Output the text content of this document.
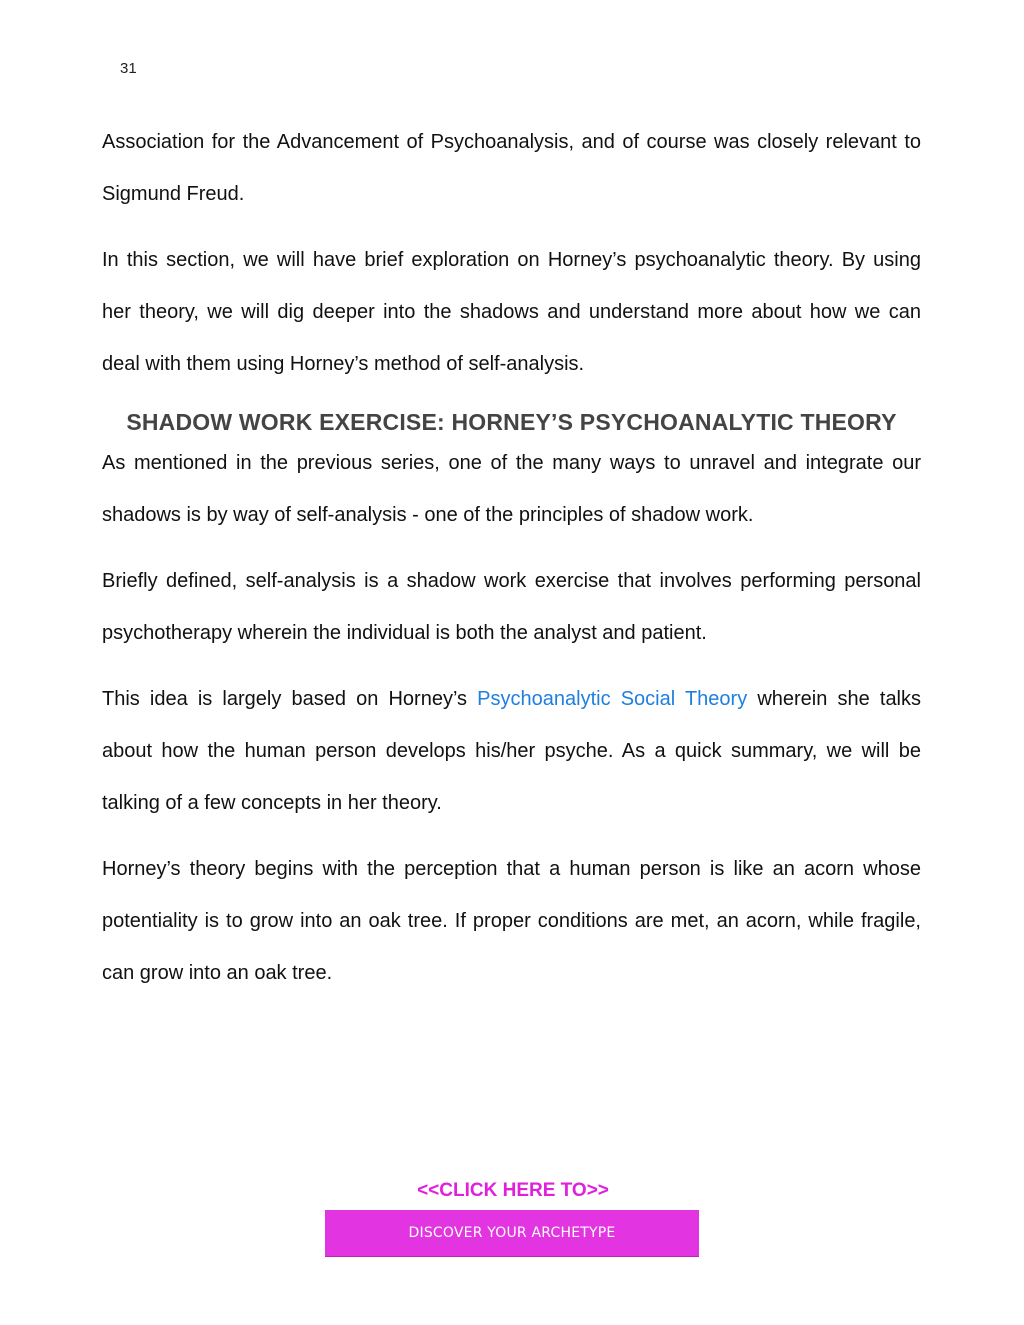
31

Association for the Advancement of Psychoanalysis, and of course was closely relevant to Sigmund Freud.

In this section, we will have brief exploration on Horney’s psychoanalytic theory. By using her theory, we will dig deeper into the shadows and understand more about how we can deal with them using Horney’s method of self-analysis.

SHADOW WORK EXERCISE: HORNEY’S PSYCHOANALYTIC THEORY

As mentioned in the previous series, one of the many ways to unravel and integrate our shadows is by way of self-analysis - one of the principles of shadow work.

Briefly defined, self-analysis is a shadow work exercise that involves performing personal psychotherapy wherein the individual is both the analyst and patient.

This idea is largely based on Horney’s Psychoanalytic Social Theory wherein she talks about how the human person develops his/her psyche. As a quick summary, we will be talking of a few concepts in her theory.

Horney’s theory begins with the perception that a human person is like an acorn whose potentiality is to grow into an oak tree. If proper conditions are met, an acorn, while fragile, can grow into an oak tree.

<<CLICK HERE TO>>
DISCOVER YOUR ARCHETYPE
